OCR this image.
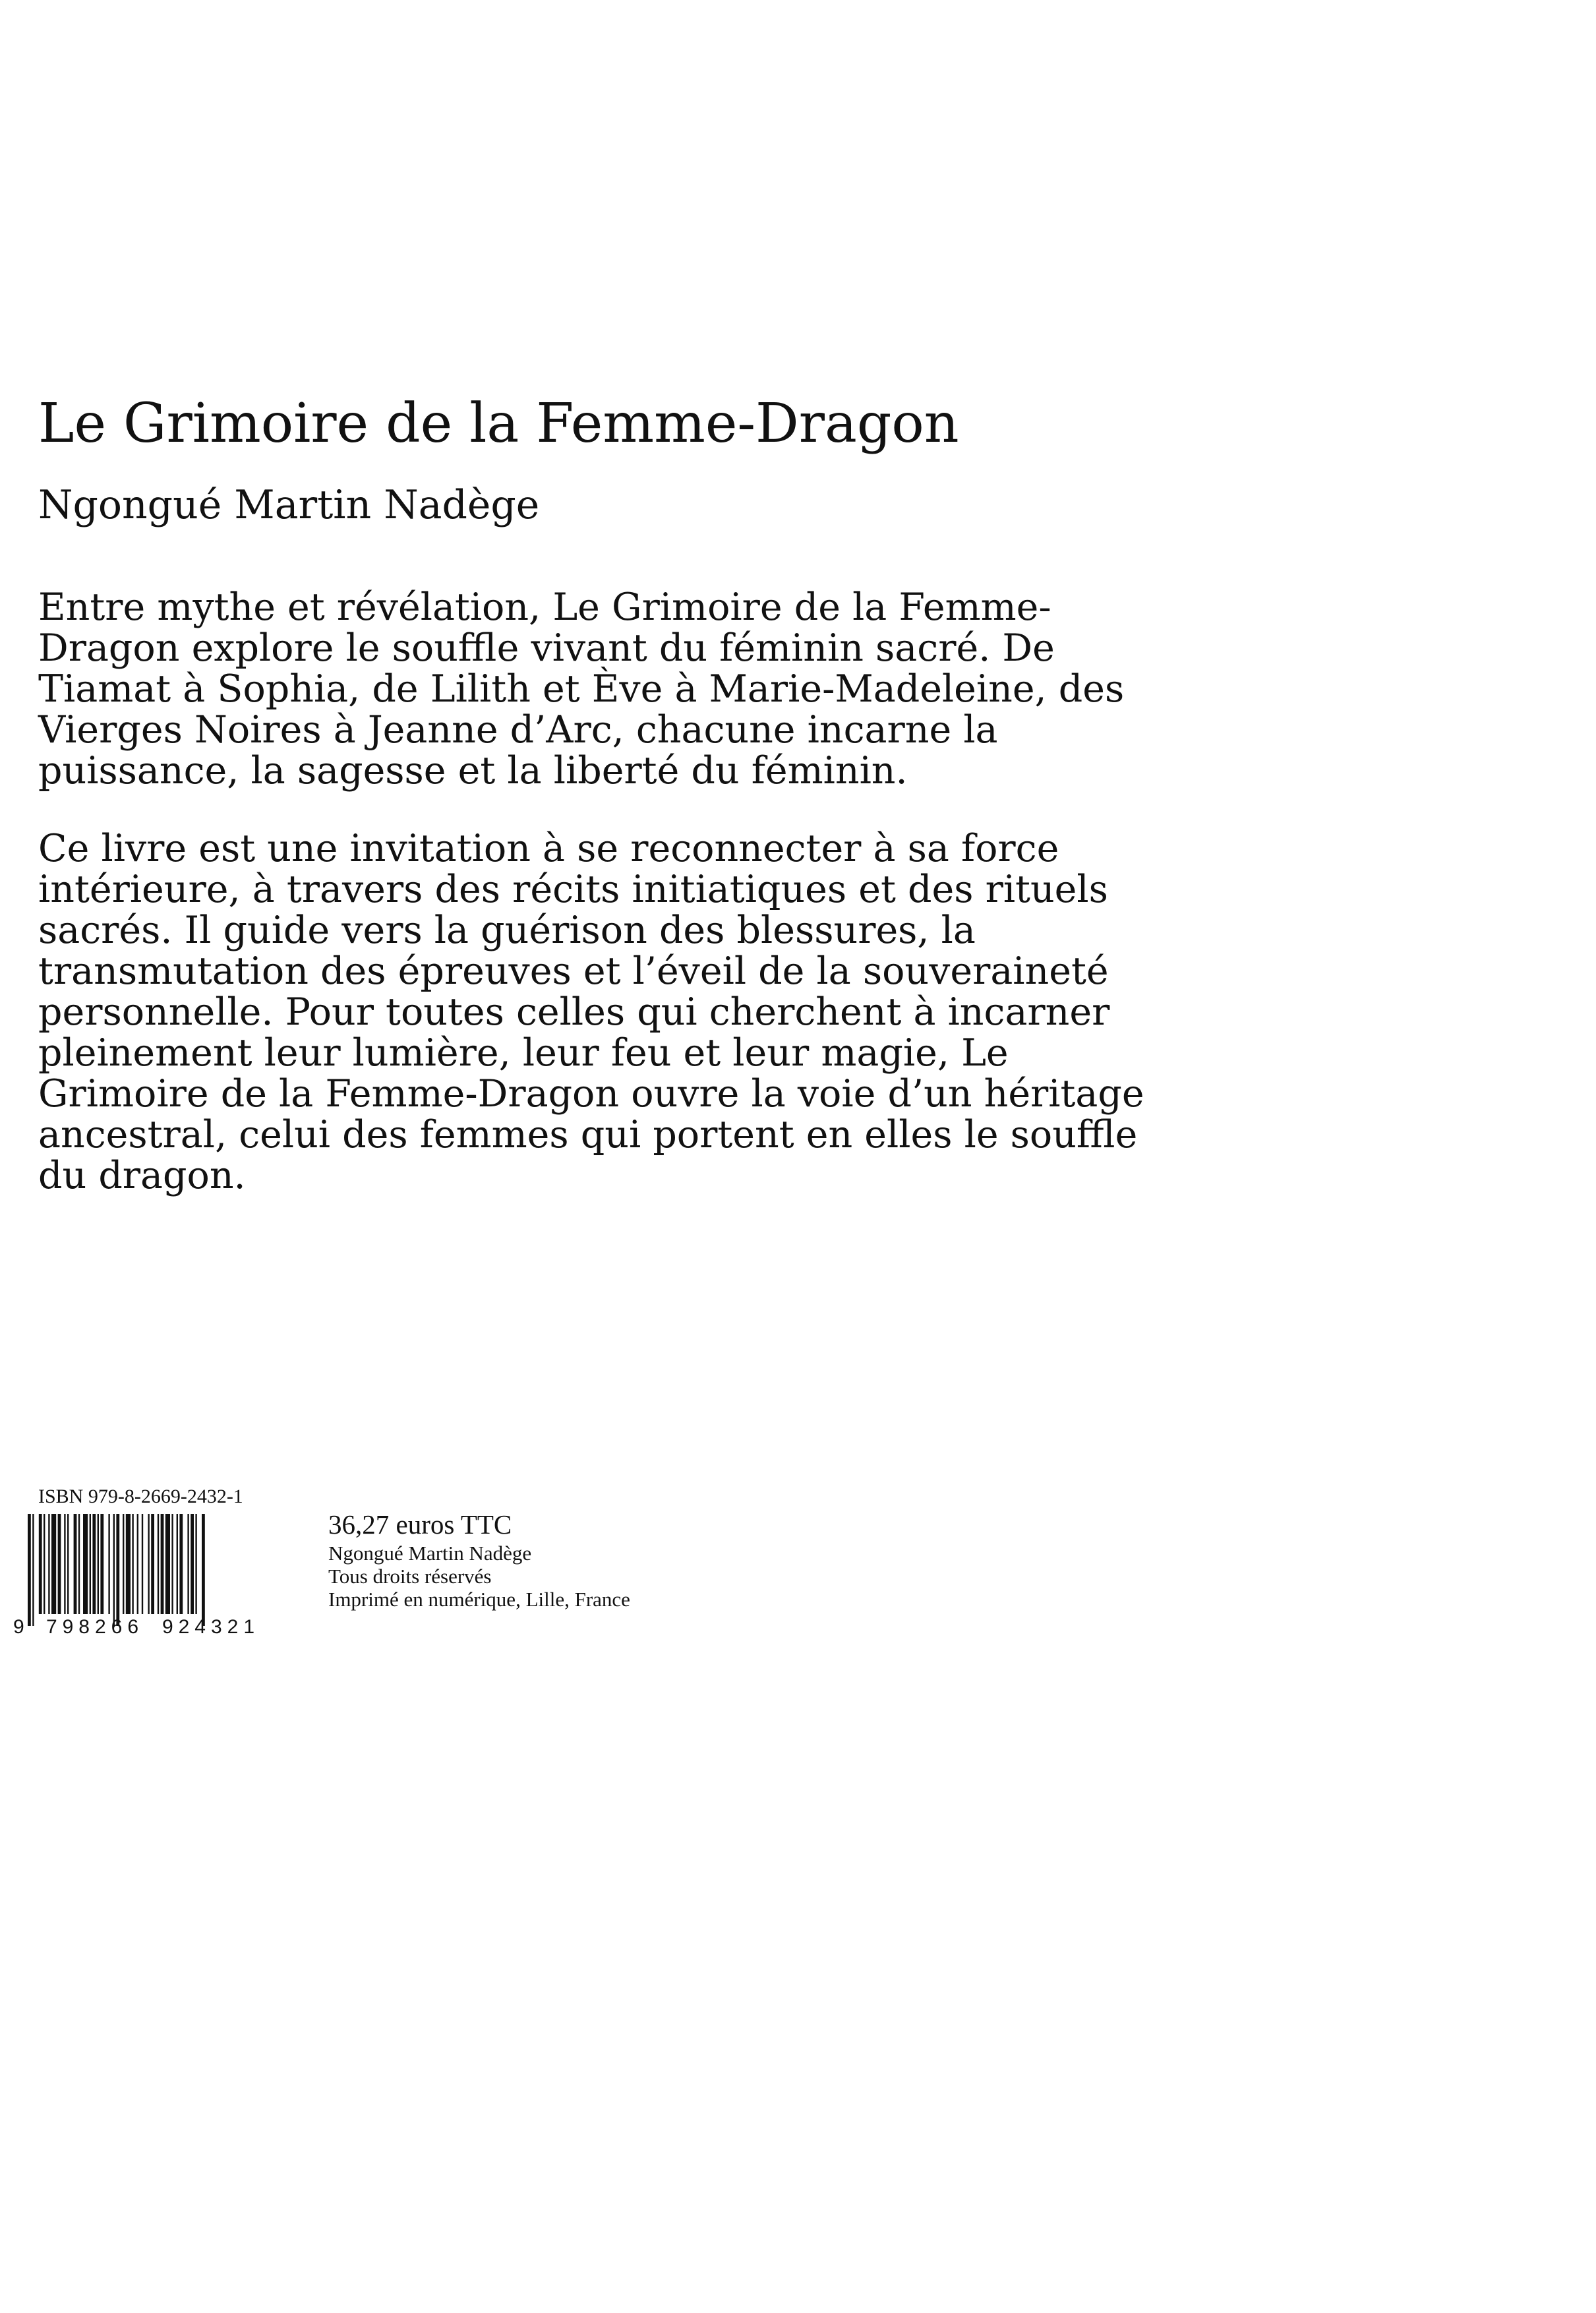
Le Grimoire de la Femme-Dragon
Ngongué Martin Nadège

Entre mythe et révélation, Le Grimoire de la Femme-
Dragon explore le souffle vivant du féminin sacré. De
Tiamat à Sophia, de Lilith et Ève à Marie-Madeleine, des
Vierges Noires à Jeanne d’Arc, chacune incarne la
puissance, la sagesse et la liberté du féminin.

Ce livre est une invitation à se reconnecter à sa force
intérieure, à travers des récits initiatiques et des rituels
sacrés. Il guide vers la guérison des blessures, la
transmutation des épreuves et l’éveil de la souveraineté
personnelle. Pour toutes celles qui cherchent à incarner
pleinement leur lumière, leur feu et leur magie, Le
Grimoire de la Femme-Dragon ouvre la voie d’un héritage
ancestral, celui des femmes qui portent en elles le souffle
du dragon.

ISBN 979-8-2669-2432-1
9 798266 924321
36,27 euros TTC
Ngongué Martin Nadège
Tous droits réservés
Imprimé en numérique, Lille, France
